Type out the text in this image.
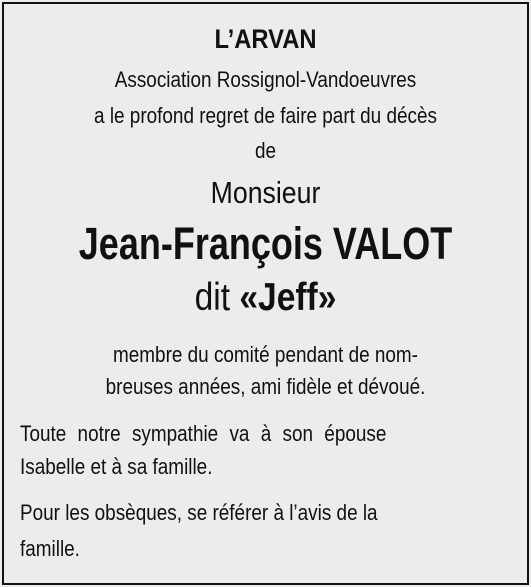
L’ARVAN
Association Rossignol-Vandoeuvres
a le profond regret de faire part du décès
de
Monsieur
Jean-François VALOT
dit «Jeff»
membre du comité pendant de nom-
breuses années, ami fidèle et dévoué.
Toute notre sympathie va à son épouse
Isabelle et à sa famille.
Pour les obsèques, se référer à l’avis de la
famille.
